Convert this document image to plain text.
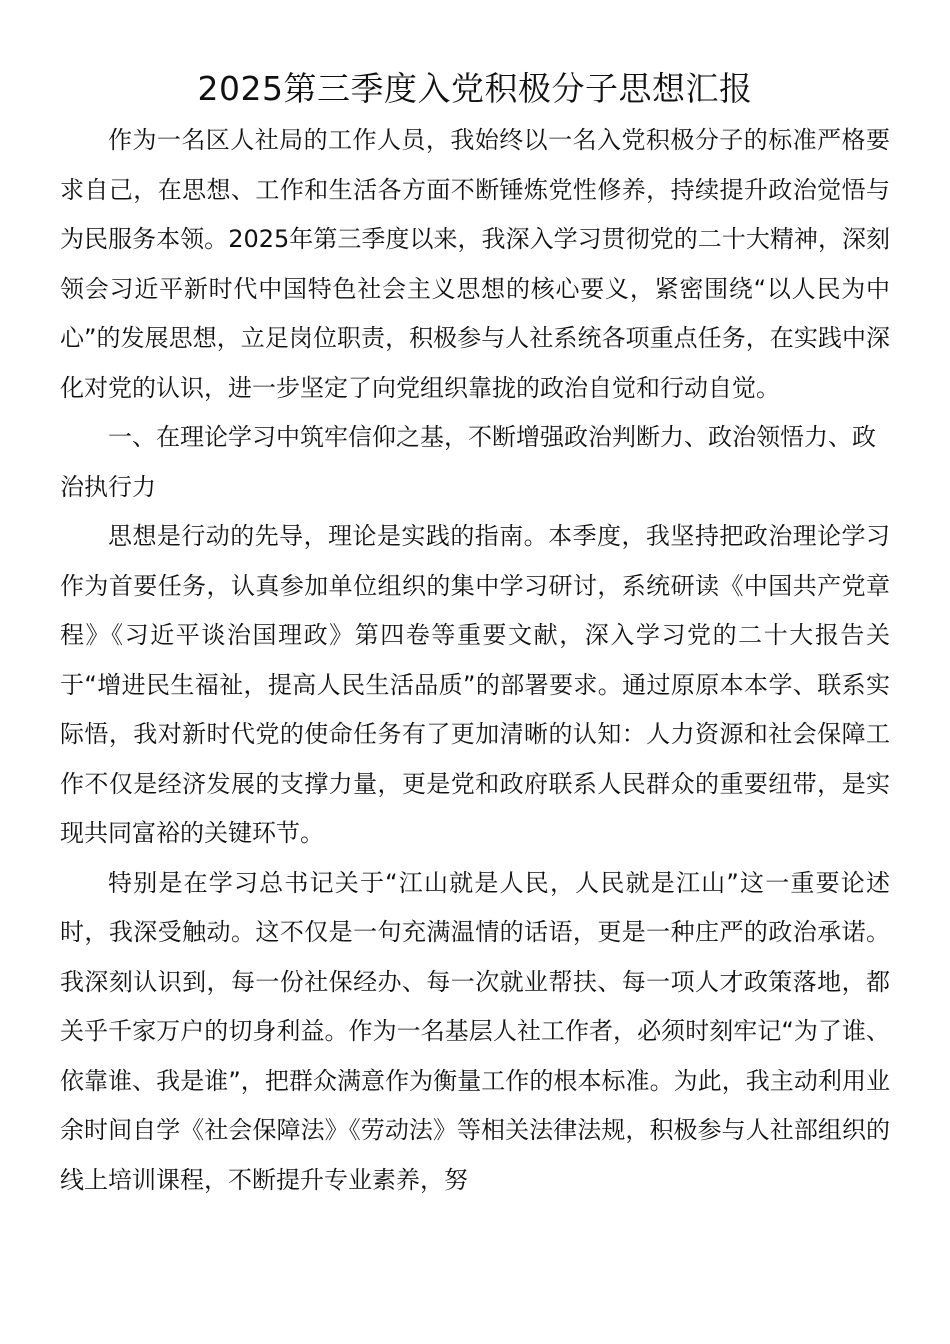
2025第三季度入党积极分子思想汇报

作为一名区人社局的工作人员，我始终以一名入党积极分子的标准严格要求自己，在思想、工作和生活各方面不断锤炼党性修养，持续提升政治觉悟与为民服务本领。2025年第三季度以来，我深入学习贯彻党的二十大精神，深刻领会习近平新时代中国特色社会主义思想的核心要义，紧密围绕“以人民为中心”的发展思想，立足岗位职责，积极参与人社系统各项重点任务，在实践中深化对党的认识，进一步坚定了向党组织靠拢的政治自觉和行动自觉。

一、在理论学习中筑牢信仰之基，不断增强政治判断力、政治领悟力、政治执行力

思想是行动的先导，理论是实践的指南。本季度，我坚持把政治理论学习作为首要任务，认真参加单位组织的集中学习研讨，系统研读《中国共产党章程》《习近平谈治国理政》第四卷等重要文献，深入学习党的二十大报告关于“增进民生福祉，提高人民生活品质”的部署要求。通过原原本本学、联系实际悟，我对新时代党的使命任务有了更加清晰的认知：人力资源和社会保障工作不仅是经济发展的支撑力量，更是党和政府联系人民群众的重要纽带，是实现共同富裕的关键环节。

特别是在学习总书记关于“江山就是人民，人民就是江山”这一重要论述时，我深受触动。这不仅是一句充满温情的话语，更是一种庄严的政治承诺。我深刻认识到，每一份社保经办、每一次就业帮扶、每一项人才政策落地，都关乎千家万户的切身利益。作为一名基层人社工作者，必须时刻牢记“为了谁、依靠谁、我是谁”，把群众满意作为衡量工作的根本标准。为此，我主动利用业余时间自学《社会保障法》《劳动法》等相关法律法规，积极参与人社部组织的线上培训课程，不断提升专业素养，努
